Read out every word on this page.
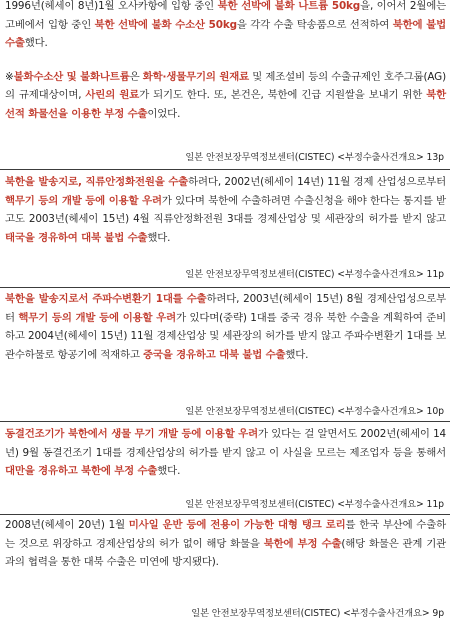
1996년(헤세이 8년)1월 오사카항에 입항 중인 북한 선박에 불화 나트륨 50kg을, 이어서 2월에는 고베에서 입항 중인 북한 선박에 불화 수소산 50kg을 각각 수출 탁송품으로 선적하여 북한에 불법 수출했다.

※불화수소산 및 불화나트륨은 화학·생물무기의 원재료 및 제조설비 등의 수출규제인 호주그룹(AG)의 규제대상이며, 사린의 원료가 되기도 한다. 또, 본건은, 북한에 긴급 지원쌀을 보내기 위한 북한 선적 화물선을 이용한 부정 수출이었다.

일본 안전보장무역정보센터(CISTEC) <부정수출사건개요> 13p

북한을 발송지로, 직류안정화전원을 수출하려다, 2002년(헤세이 14년) 11월 경제 산업성으로부터 핵무기 등의 개발 등에 이용할 우려가 있다며 북한에 수출하려면 수출신청을 해야 한다는 통지를 받고도 2003년(헤세이 15년) 4월 직류안정화전원 3대를 경제산업상 및 세관장의 허가를 받지 않고 태국을 경유하여 대북 불법 수출했다.

일본 안전보장무역정보센터(CISTEC) <부정수출사건개요> 11p

북한을 발송지로서 주파수변환기 1대를 수출하려다, 2003년(헤세이 15년) 8월 경제산업성으로부터 핵무기 등의 개발 등에 이용할 우려가 있다며(중략) 1대를 중국 경유 북한 수출을 계획하여 준비하고 2004년(헤세이 15년) 11월 경제산업상 및 세관장의 허가를 받지 않고 주파수변환기 1대를 보관수하물로 항공기에 적재하고 중국을 경유하고 대북 불법 수출했다.

일본 안전보장무역정보센터(CISTEC) <부정수출사건개요> 10p

동결건조기가 북한에서 생물 무기 개발 등에 이용할 우려가 있다는 걸 알면서도 2002년(헤세이 14년) 9월 동결건조기 1대를 경제산업상의 허가를 받지 않고 이 사실을 모르는 제조업자 등을 통해서 대만을 경유하고 북한에 부정 수출했다.

일본 안전보장무역정보센터(CISTEC) <부정수출사건개요> 11p

2008년(헤세이 20년) 1월 미사일 운반 등에 전용이 가능한 대형 탱크 로리를 한국 부산에 수출하는 것으로 위장하고 경제산업상의 허가 없이 해당 화물을 북한에 부정 수출(해당 화물은 관계 기관과의 협력을 통한 대북 수출은 미연에 방지됐다).

일본 안전보장무역정보센터(CISTEC) <부정수출사건개요> 9p
